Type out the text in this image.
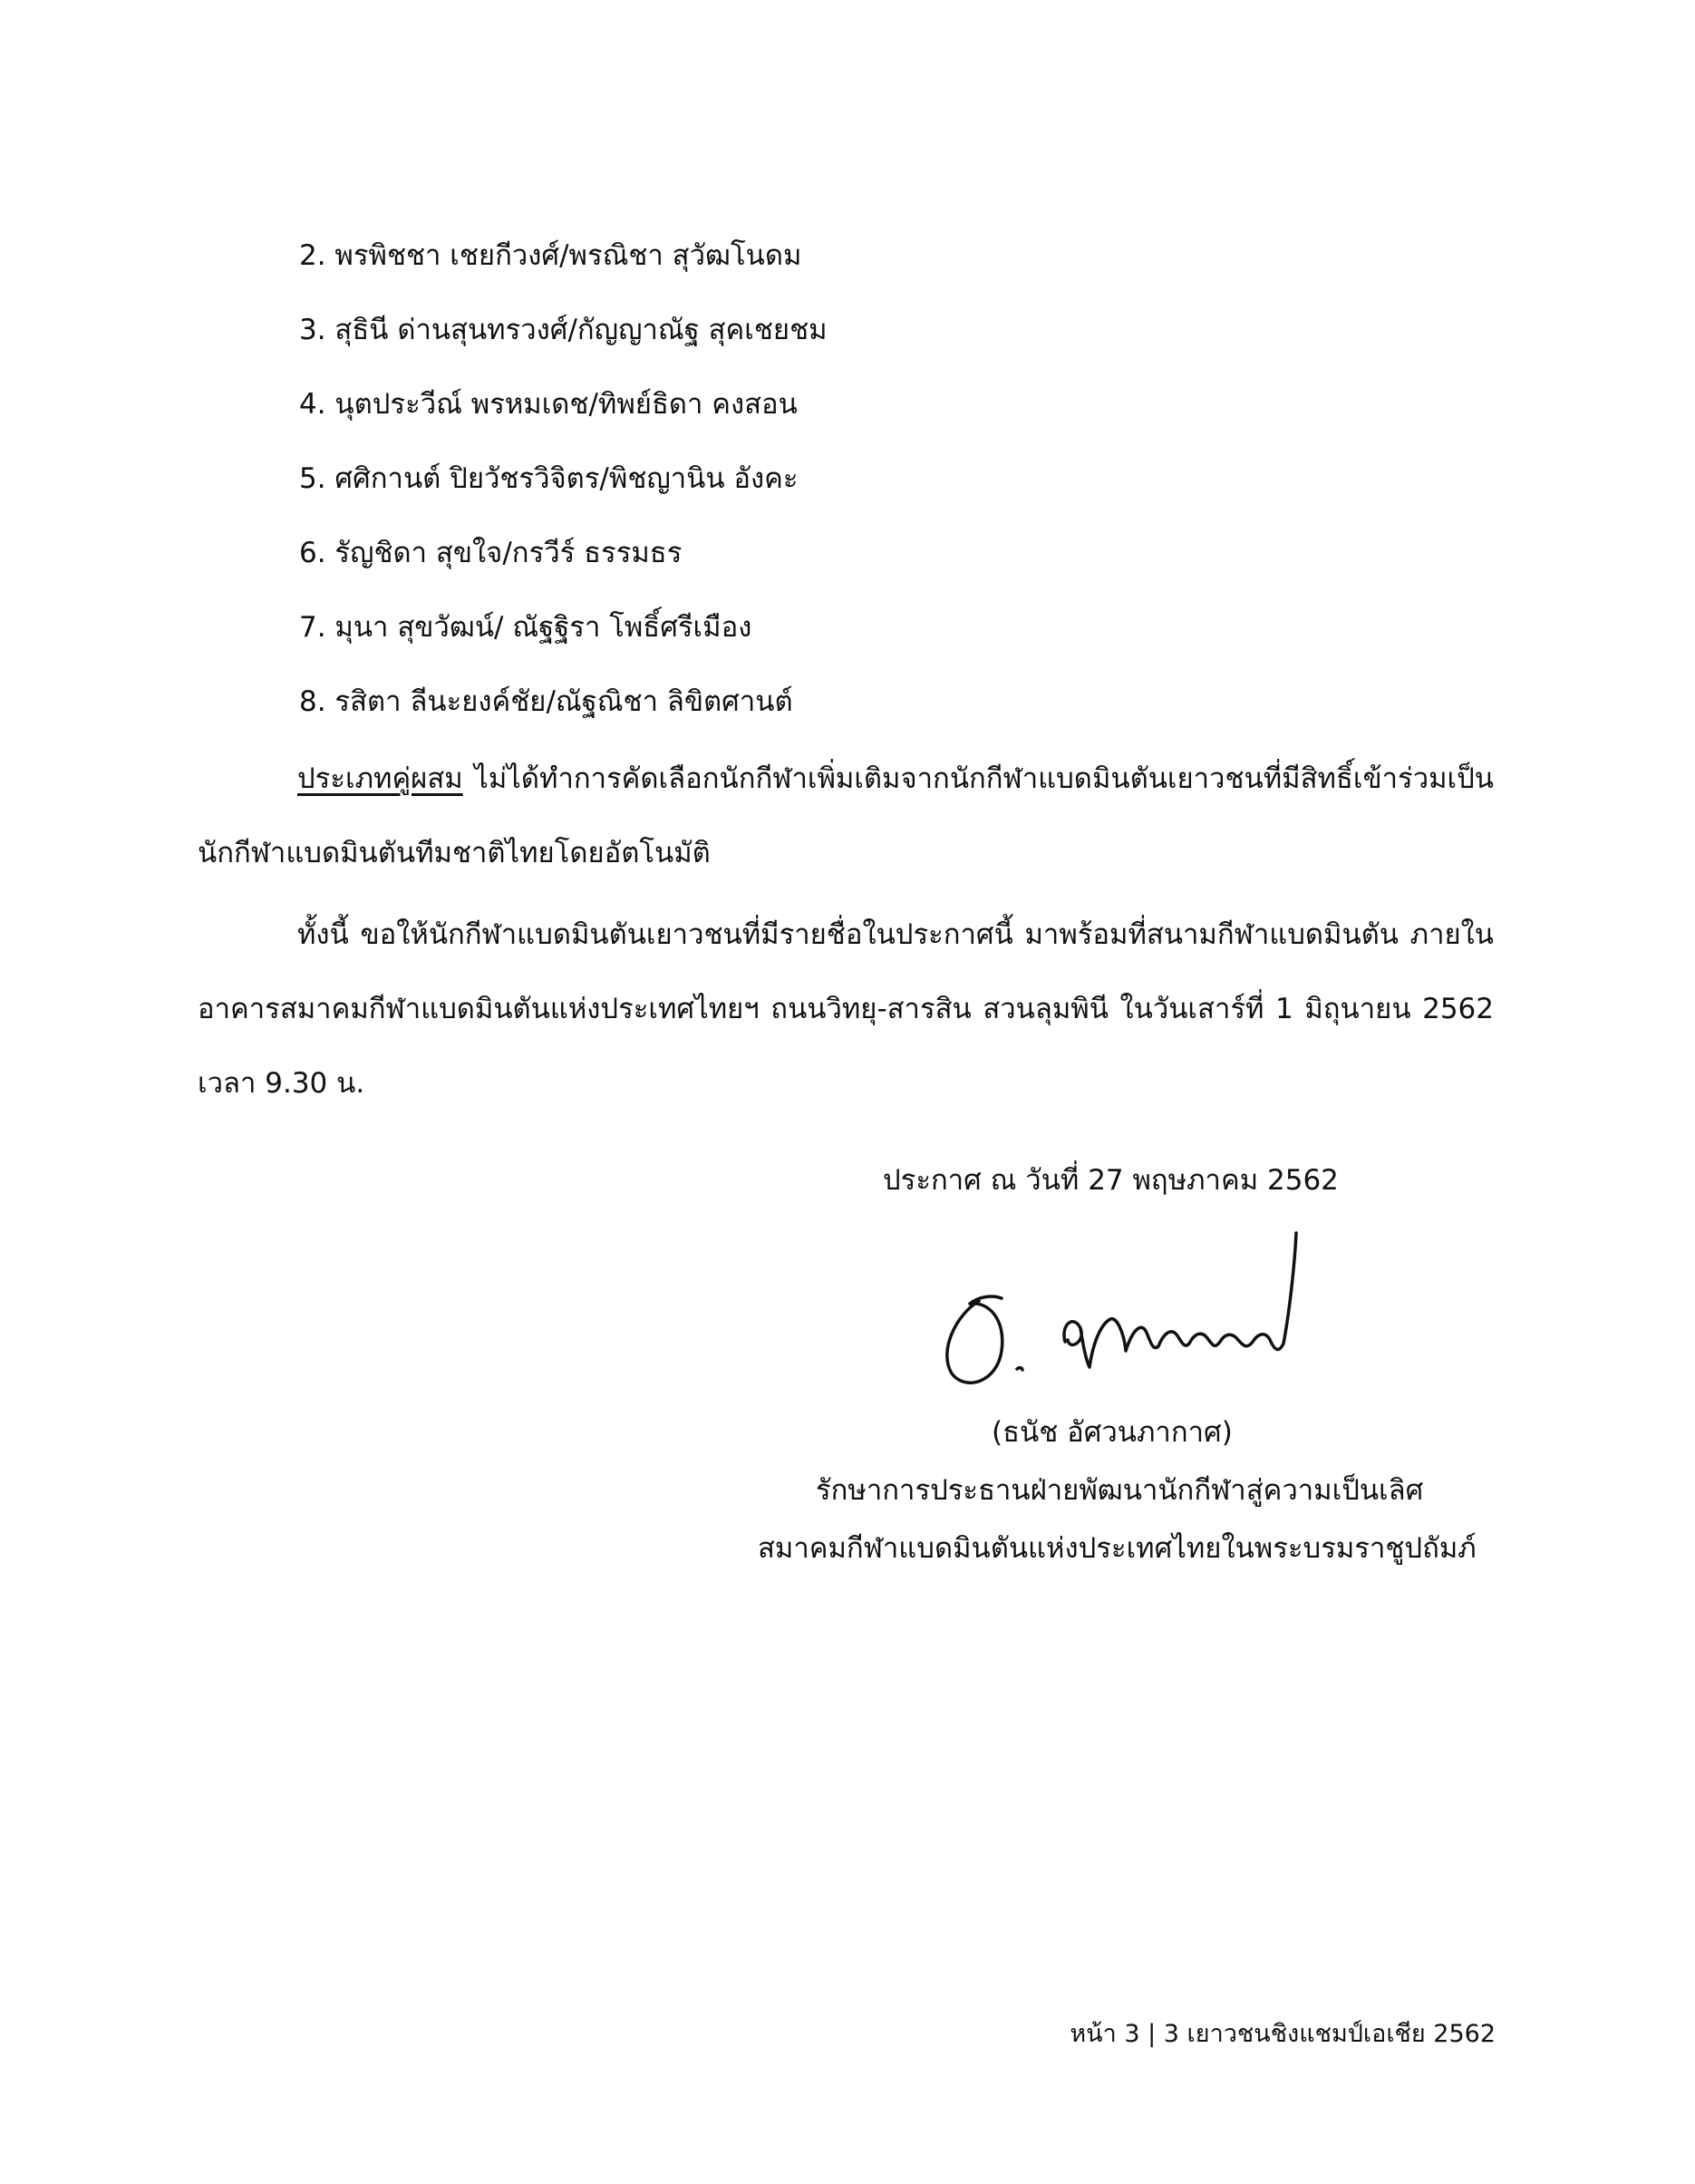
2. พรพิชชา เชยกีวงศ์/พรณิชา สุวัฒโนดม
3. สุธินี ด่านสุนทรวงศ์/กัญญาณัฐ สุคเชยชม
4. นุตประวีณ์ พรหมเดช/ทิพย์ธิดา คงสอน
5. ศศิกานต์ ปิยวัชรวิจิตร/พิชญานิน อังคะ
6. รัญชิดา สุขใจ/กรวีร์ ธรรมธร
7. มุนา สุขวัฒน์/ ณัฐฐิรา โพธิ์ศรีเมือง
8. รสิตา ลีนะยงค์ชัย/ณัฐณิชา ลิขิตศานต์

ประเภทคู่ผสม ไม่ได้ทำการคัดเลือกนักกีฬาเพิ่มเติมจากนักกีฬาแบดมินตันเยาวชนที่มีสิทธิ์เข้าร่วมเป็นนักกีฬาแบดมินตันทีมชาติไทยโดยอัตโนมัติ

ทั้งนี้ ขอให้นักกีฬาแบดมินตันเยาวชนที่มีรายชื่อในประกาศนี้ มาพร้อมที่สนามกีฬาแบดมินตัน ภายในอาคารสมาคมกีฬาแบดมินตันแห่งประเทศไทยฯ ถนนวิทยุ-สารสิน สวนลุมพินี ในวันเสาร์ที่ 1 มิถุนายน 2562 เวลา 9.30 น.

ประกาศ ณ วันที่ 27 พฤษภาคม 2562
(ธนัช อัศวนภากาศ)
รักษาการประธานฝ่ายพัฒนานักกีฬาสู่ความเป็นเลิศ
สมาคมกีฬาแบดมินตันแห่งประเทศไทยในพระบรมราชูปถัมภ์
หน้า 3 | 3 เยาวชนชิงแชมป์เอเชีย 2562
